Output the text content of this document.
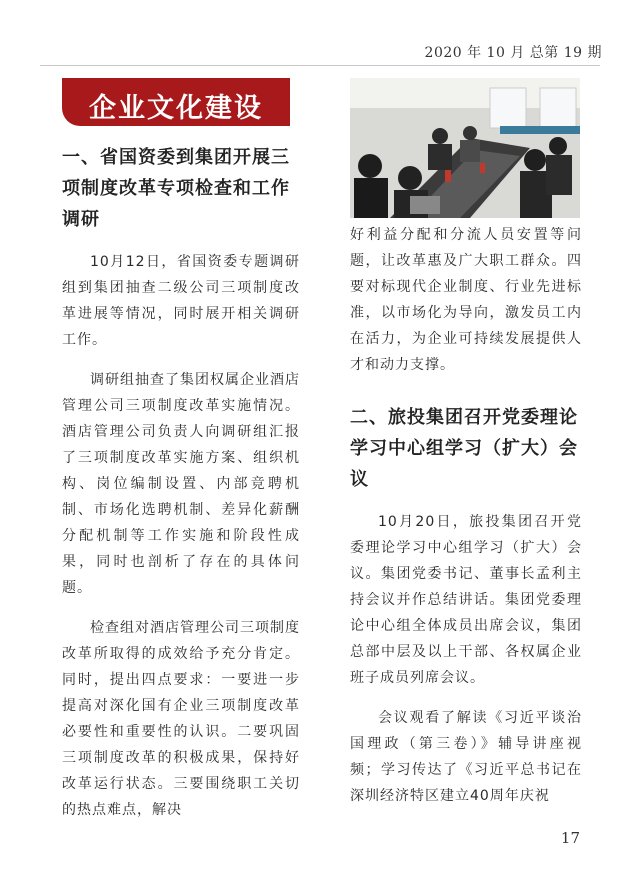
2020 年 10 月 总第 19 期
企业文化建设
一、省国资委到集团开展三项制度改革专项检查和工作调研

10月12日，省国资委专题调研组到集团抽查二级公司三项制度改革进展等情况，同时展开相关调研工作。

调研组抽查了集团权属企业酒店管理公司三项制度改革实施情况。酒店管理公司负责人向调研组汇报了三项制度改革实施方案、组织机构、岗位编制设置、内部竞聘机制、市场化选聘机制、差异化薪酬分配机制等工作实施和阶段性成果，同时也剖析了存在的具体问题。

检查组对酒店管理公司三项制度改革所取得的成效给予充分肯定。同时，提出四点要求：一要进一步提高对深化国有企业三项制度改革必要性和重要性的认识。二要巩固三项制度改革的积极成果，保持好改革运行状态。三要围绕职工关切的热点难点，解决

好利益分配和分流人员安置等问题，让改革惠及广大职工群众。四要对标现代企业制度、行业先进标准，以市场化为导向，激发员工内在活力，为企业可持续发展提供人才和动力支撑。

二、旅投集团召开党委理论学习中心组学习（扩大）会议

10月20日，旅投集团召开党委理论学习中心组学习（扩大）会议。集团党委书记、董事长孟利主持会议并作总结讲话。集团党委理论中心组全体成员出席会议，集团总部中层及以上干部、各权属企业班子成员列席会议。

会议观看了解读《习近平谈治国理政（第三卷）》辅导讲座视频；学习传达了《习近平总书记在深圳经济特区建立40周年庆祝

17
